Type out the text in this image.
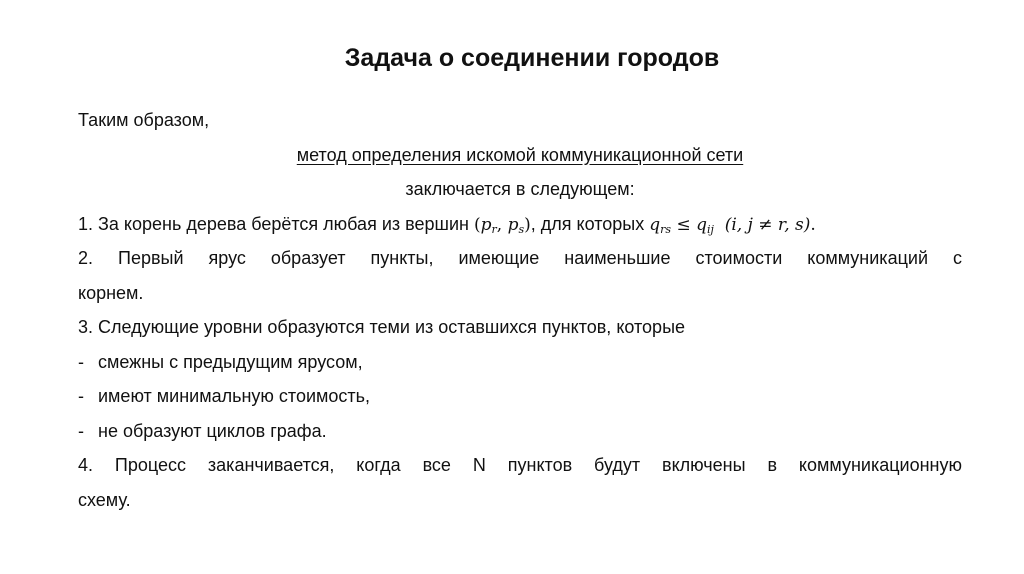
Задача о соединении городов
Таким образом,
метод определения искомой коммуникационной сети
заключается в следующем:
1. За корень дерева берётся любая из вершин ($p_r$, $p_s$), для которых $q_{rs} \le q_{ij}$ (i, j ≠ r, s).
2. Первый ярус образует пункты, имеющие наименьшие стоимости коммуникаций с
корнем.
3. Следующие уровни образуются теми из оставшихся пунктов, которые
- смежны с предыдущим ярусом,
- имеют минимальную стоимость,
- не образуют циклов графа.
4. Процесс заканчивается, когда все N пунктов будут включены в коммуникационную
схему.
